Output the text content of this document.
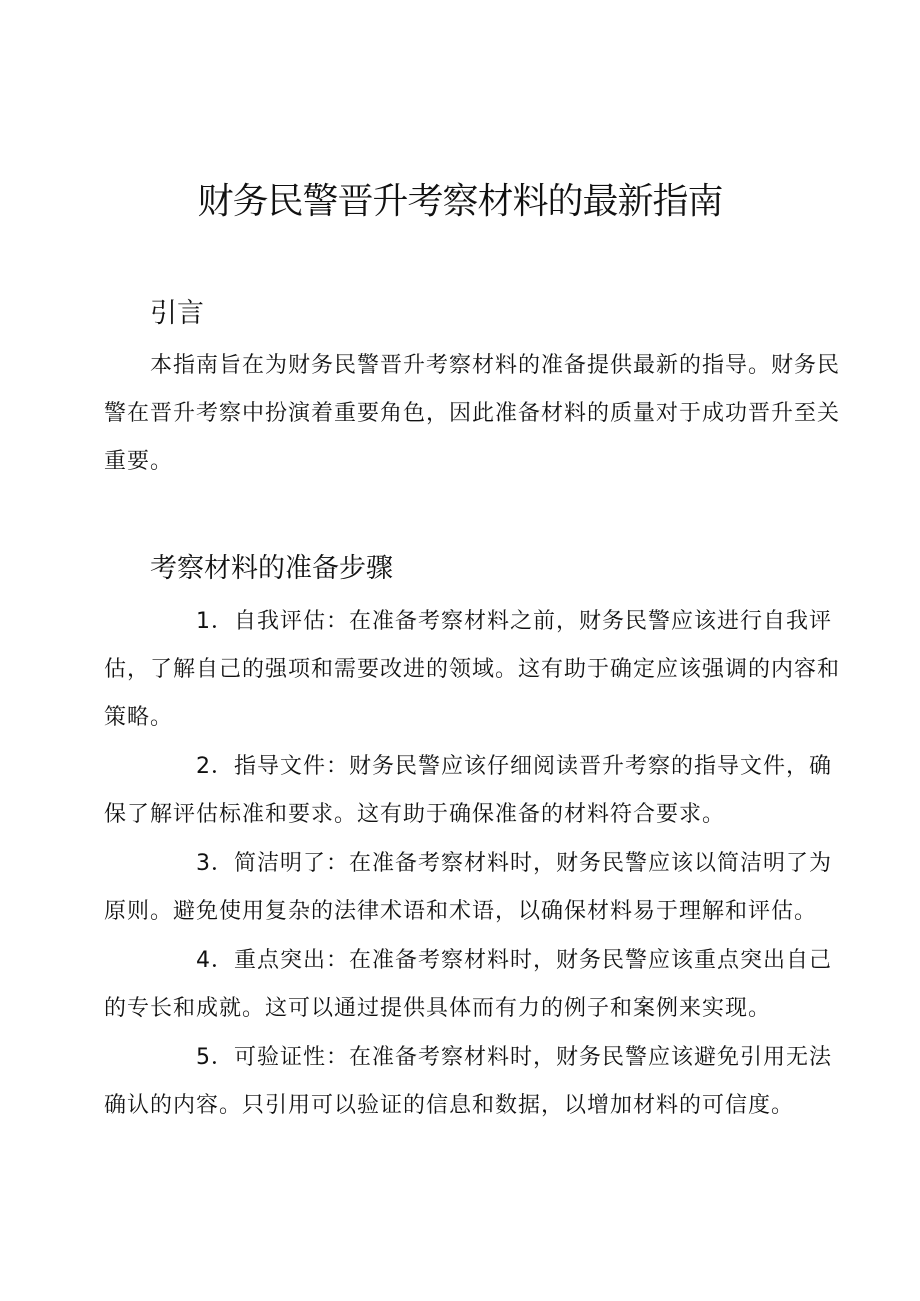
财务民警晋升考察材料的最新指南
引言

本指南旨在为财务民警晋升考察材料的准备提供最新的指导。财务民警在晋升考察中扮演着重要角色，因此准备材料的质量对于成功晋升至关重要。

考察材料的准备步骤

1．自我评估：在准备考察材料之前，财务民警应该进行自我评估，了解自己的强项和需要改进的领域。这有助于确定应该强调的内容和策略。

2．指导文件：财务民警应该仔细阅读晋升考察的指导文件，确保了解评估标准和要求。这有助于确保准备的材料符合要求。

3．简洁明了：在准备考察材料时，财务民警应该以简洁明了为原则。避免使用复杂的法律术语和术语，以确保材料易于理解和评估。

4．重点突出：在准备考察材料时，财务民警应该重点突出自己的专长和成就。这可以通过提供具体而有力的例子和案例来实现。

5．可验证性：在准备考察材料时，财务民警应该避免引用无法确认的内容。只引用可以验证的信息和数据，以增加材料的可信度。
